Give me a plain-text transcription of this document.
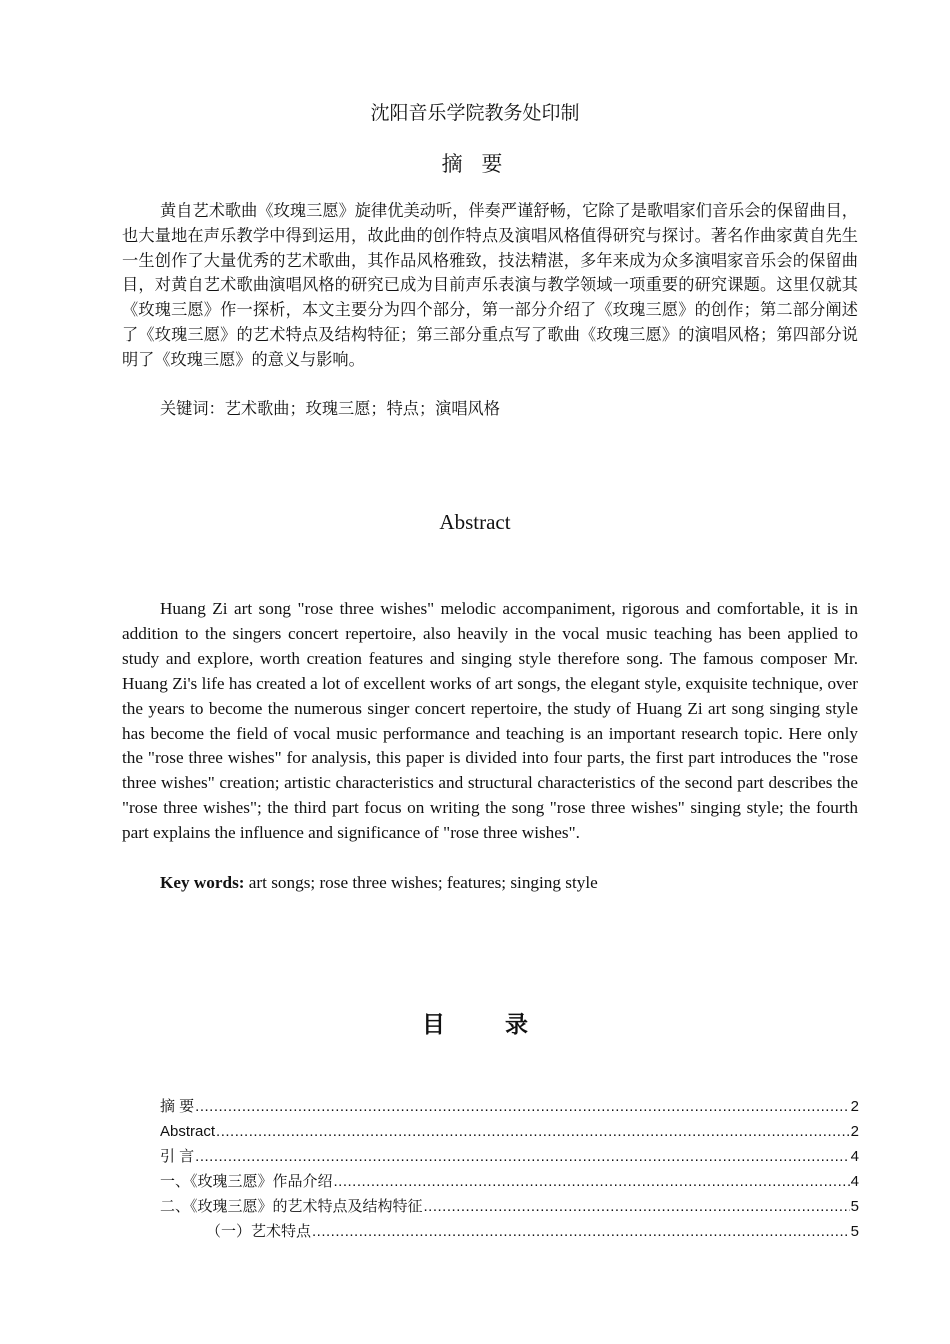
沈阳音乐学院教务处印制
摘 要

黄自艺术歌曲《玫瑰三愿》旋律优美动听，伴奏严谨舒畅，它除了是歌唱家们音乐会的保留曲目，也大量地在声乐教学中得到运用，故此曲的创作特点及演唱风格值得研究与探讨。著名作曲家黄自先生一生创作了大量优秀的艺术歌曲，其作品风格雅致，技法精湛，多年来成为众多演唱家音乐会的保留曲目，对黄自艺术歌曲演唱风格的研究已成为目前声乐表演与教学领域一项重要的研究课题。这里仅就其《玫瑰三愿》作一探析，本文主要分为四个部分，第一部分介绍了《玫瑰三愿》的创作；第二部分阐述了《玫瑰三愿》的艺术特点及结构特征；第三部分重点写了歌曲《玫瑰三愿》的演唱风格；第四部分说明了《玫瑰三愿》的意义与影响。

关键词：艺术歌曲；玫瑰三愿；特点；演唱风格
Abstract

Huang Zi art song "rose three wishes" melodic accompaniment, rigorous and comfortable, it is in addition to the singers concert repertoire, also heavily in the vocal music teaching has been applied to study and explore, worth creation features and singing style therefore song. The famous composer Mr. Huang Zi's life has created a lot of excellent works of art songs, the elegant style, exquisite technique, over the years to become the numerous singer concert repertoire, the study of Huang Zi art song singing style has become the field of vocal music performance and teaching is an important research topic. Here only the "rose three wishes" for analysis, this paper is divided into four parts, the first part introduces the "rose three wishes" creation; artistic characteristics and structural characteristics of the second part describes the "rose three wishes"; the third part focus on writing the song "rose three wishes" singing style; the fourth part explains the influence and significance of "rose three wishes".

Key words: art songs; rose three wishes; features; singing style
目 录
摘 要 .....	2
Abstract .....	2
引 言 .....	4
一、《玫瑰三愿》作品介绍 .....	4
二、《玫瑰三愿》的艺术特点及结构特征 .....	5
（一）艺术特点 .....	5
